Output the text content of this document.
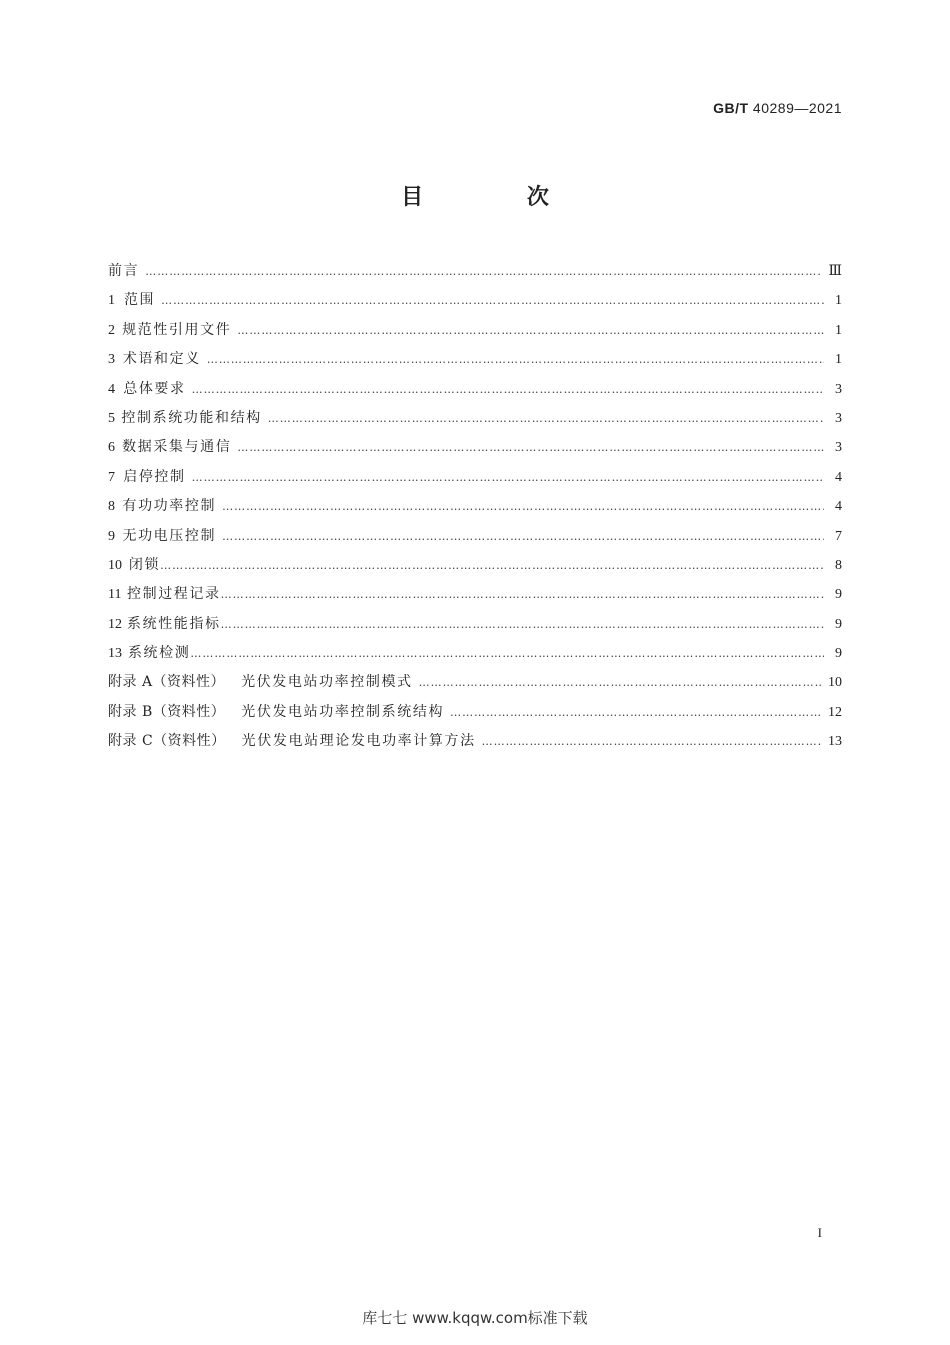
GB/T 40289—2021
目 次
前言 ………………………………………………………………………………………………………………………………………………………………………………………………………………………………………………	Ⅲ
1 范围 ………………………………………………………………………………………………………………………………………………………………………………………………………………………………………………	1
2 规范性引用文件 ………………………………………………………………………………………………………………………………………………………………………………………………………………………………………………	1
3 术语和定义 ………………………………………………………………………………………………………………………………………………………………………………………………………………………………………………	1
4 总体要求 ………………………………………………………………………………………………………………………………………………………………………………………………………………………………………………	3
5 控制系统功能和结构 ………………………………………………………………………………………………………………………………………………………………………………………………………………………………………………	3
6 数据采集与通信 ………………………………………………………………………………………………………………………………………………………………………………………………………………………………………………	3
7 启停控制 ………………………………………………………………………………………………………………………………………………………………………………………………………………………………………………	4
8 有功功率控制 ………………………………………………………………………………………………………………………………………………………………………………………………………………………………………………	4
9 无功电压控制 ………………………………………………………………………………………………………………………………………………………………………………………………………………………………………………	7
10 闭锁 ………………………………………………………………………………………………………………………………………………………………………………………………………………………………………………	8
11 控制过程记录 ………………………………………………………………………………………………………………………………………………………………………………………………………………………………………………	9
12 系统性能指标 ………………………………………………………………………………………………………………………………………………………………………………………………………………………………………………	9
13 系统检测 ………………………………………………………………………………………………………………………………………………………………………………………………………………………………………………	9
附录 A（资料性） 光伏发电站功率控制模式 ………………………………………………………………………………………………………………………………………………………………………………………………………………………………………………	10
附录 B（资料性） 光伏发电站功率控制系统结构 ………………………………………………………………………………………………………………………………………………………………………………………………………………………………………………	12
附录 C（资料性） 光伏发电站理论发电功率计算方法 ………………………………………………………………………………………………………………………………………………………………………………………………………………………………………………	13
I
库七七 www.kqqw.com标准下载
